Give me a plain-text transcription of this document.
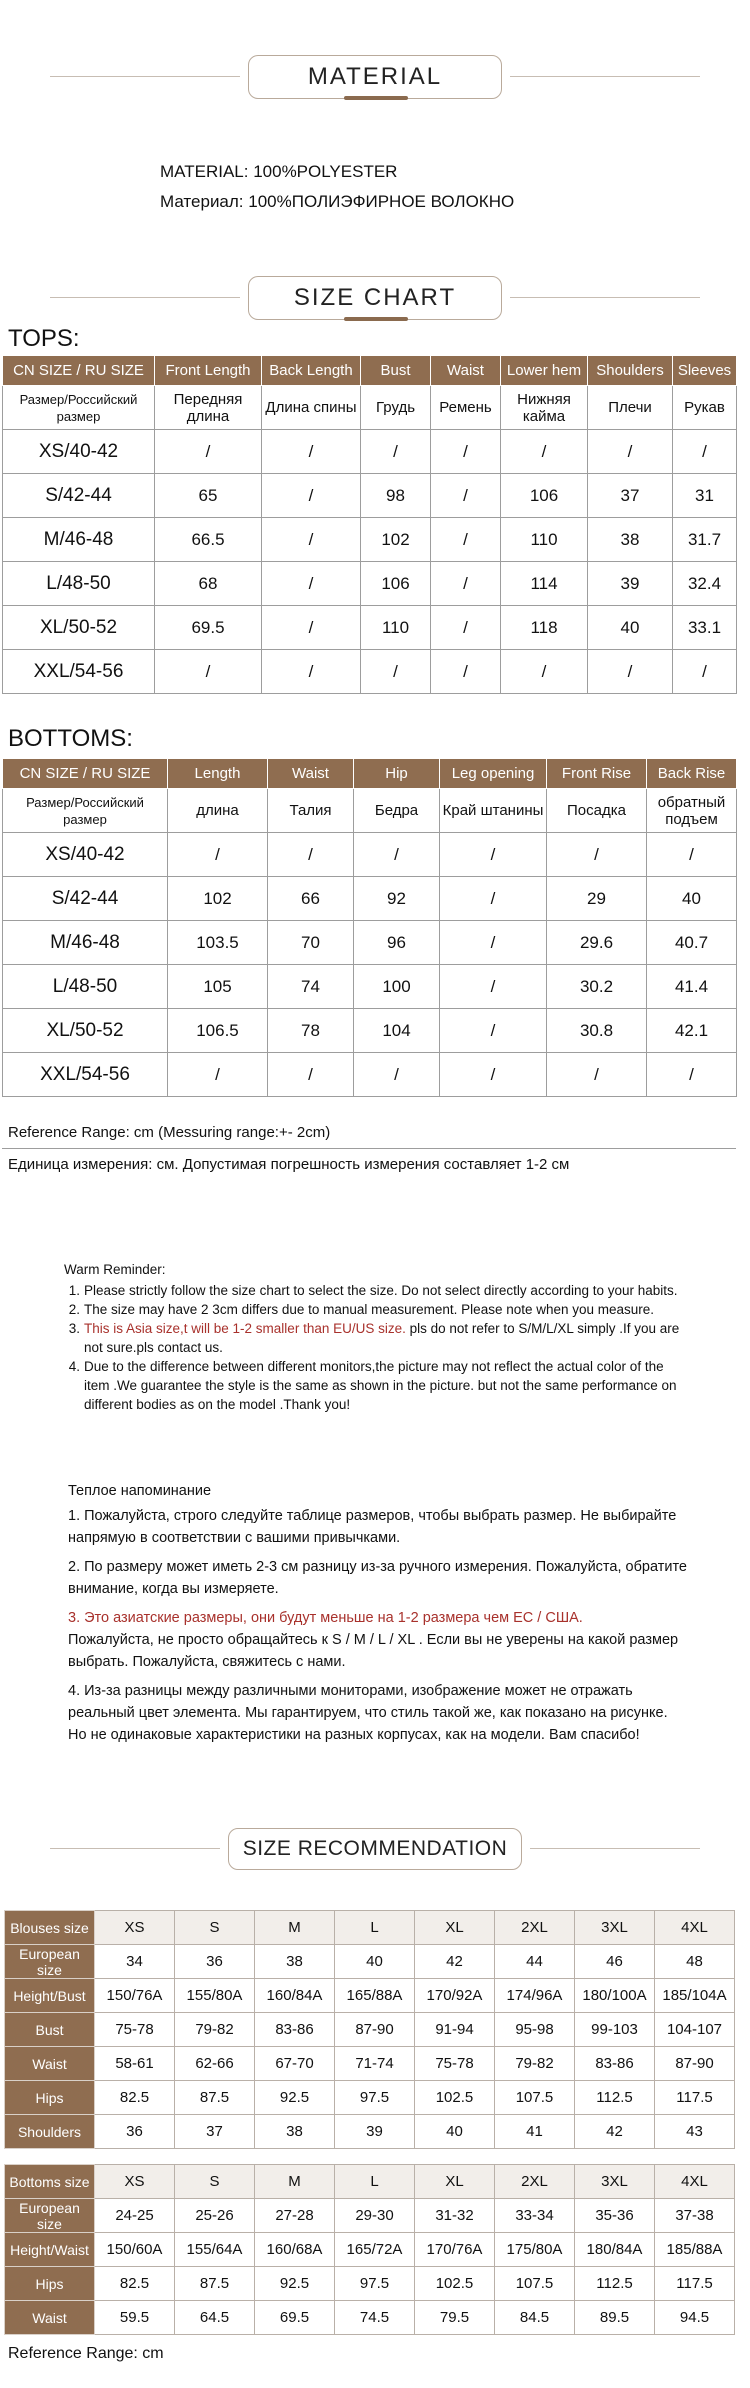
MATERIAL
MATERIAL: 100%POLYESTER
Материал: 100%ПОЛИЭФИРНОЕ ВОЛОКНО
SIZE CHART
TOPS:
CN SIZE / RU SIZE	Front Length	Back Length	Bust	Waist	Lower hem	Shoulders	Sleeves
Размер/Российский размер	Передняя длина	Длина спины	Грудь	Ремень	Нижняя кайма	Плечи	Рукав
XS/40-42	/	/	/	/	/	/	/
S/42-44	65	/	98	/	106	37	31
M/46-48	66.5	/	102	/	110	38	31.7
L/48-50	68	/	106	/	114	39	32.4
XL/50-52	69.5	/	110	/	118	40	33.1
XXL/54-56	/	/	/	/	/	/	/
BOTTOMS:
CN SIZE / RU SIZE	Length	Waist	Hip	Leg opening	Front Rise	Back Rise
Размер/Российский размер	длина	Талия	Бедра	Край штанины	Посадка	обратный подъем
XS/40-42	/	/	/	/	/	/
S/42-44	102	66	92	/	29	40
M/46-48	103.5	70	96	/	29.6	40.7
L/48-50	105	74	100	/	30.2	41.4
XL/50-52	106.5	78	104	/	30.8	42.1
XXL/54-56	/	/	/	/	/	/
Reference Range: cm (Messuring range:+- 2cm)
Единица измерения: см. Допустимая погрешность измерения составляет 1-2 см
Warm Reminder:
1. Please strictly follow the size chart to select the size. Do not select directly according to your habits.
2. The size may have 2 3cm differs due to manual measurement. Please note when you measure.
3. This is Asia size,t will be 1-2 smaller than EU/US size. pls do not refer to S/M/L/XL simply .If you are not sure.pls contact us.
4. Due to the difference between different monitors,the picture may not reflect the actual color of the item .We guarantee the style is the same as shown in the picture. but not the same performance on different bodies as on the model .Thank you!

Теплое напоминание

1. Пожалуйста, строго следуйте таблице размеров, чтобы выбрать размер. Не выбирайте напрямую в соответствии с вашими привычками.

2. По размеру может иметь 2-3 см разницу из-за ручного измерения. Пожалуйста, обратите внимание, когда вы измеряете.

3. Это азиатские размеры, они будут меньше на 1-2 размера чем ЕС / США.
Пожалуйста, не просто обращайтесь к S / M / L / XL . Если вы не уверены на какой размер выбрать. Пожалуйста, свяжитесь с нами.

4. Из-за разницы между различными мониторами, изображение может не отражать реальный цвет элемента. Мы гарантируем, что стиль такой же, как показано на рисунке. Но не одинаковые характеристики на разных корпусах, как на модели. Вам спасибо!

SIZE RECOMMENDATION
Blouses size	XS	S	M	L	XL	2XL	3XL	4XL
European size	34	36	38	40	42	44	46	48
Height/Bust	150/76A	155/80A	160/84A	165/88A	170/92A	174/96A	180/100A	185/104A
Bust	75-78	79-82	83-86	87-90	91-94	95-98	99-103	104-107
Waist	58-61	62-66	67-70	71-74	75-78	79-82	83-86	87-90
Hips	82.5	87.5	92.5	97.5	102.5	107.5	112.5	117.5
Shoulders	36	37	38	39	40	41	42	43
Bottoms size	XS	S	M	L	XL	2XL	3XL	4XL
European size	24-25	25-26	27-28	29-30	31-32	33-34	35-36	37-38
Height/Waist	150/60A	155/64A	160/68A	165/72A	170/76A	175/80A	180/84A	185/88A
Hips	82.5	87.5	92.5	97.5	102.5	107.5	112.5	117.5
Waist	59.5	64.5	69.5	74.5	79.5	84.5	89.5	94.5
Reference Range: cm
